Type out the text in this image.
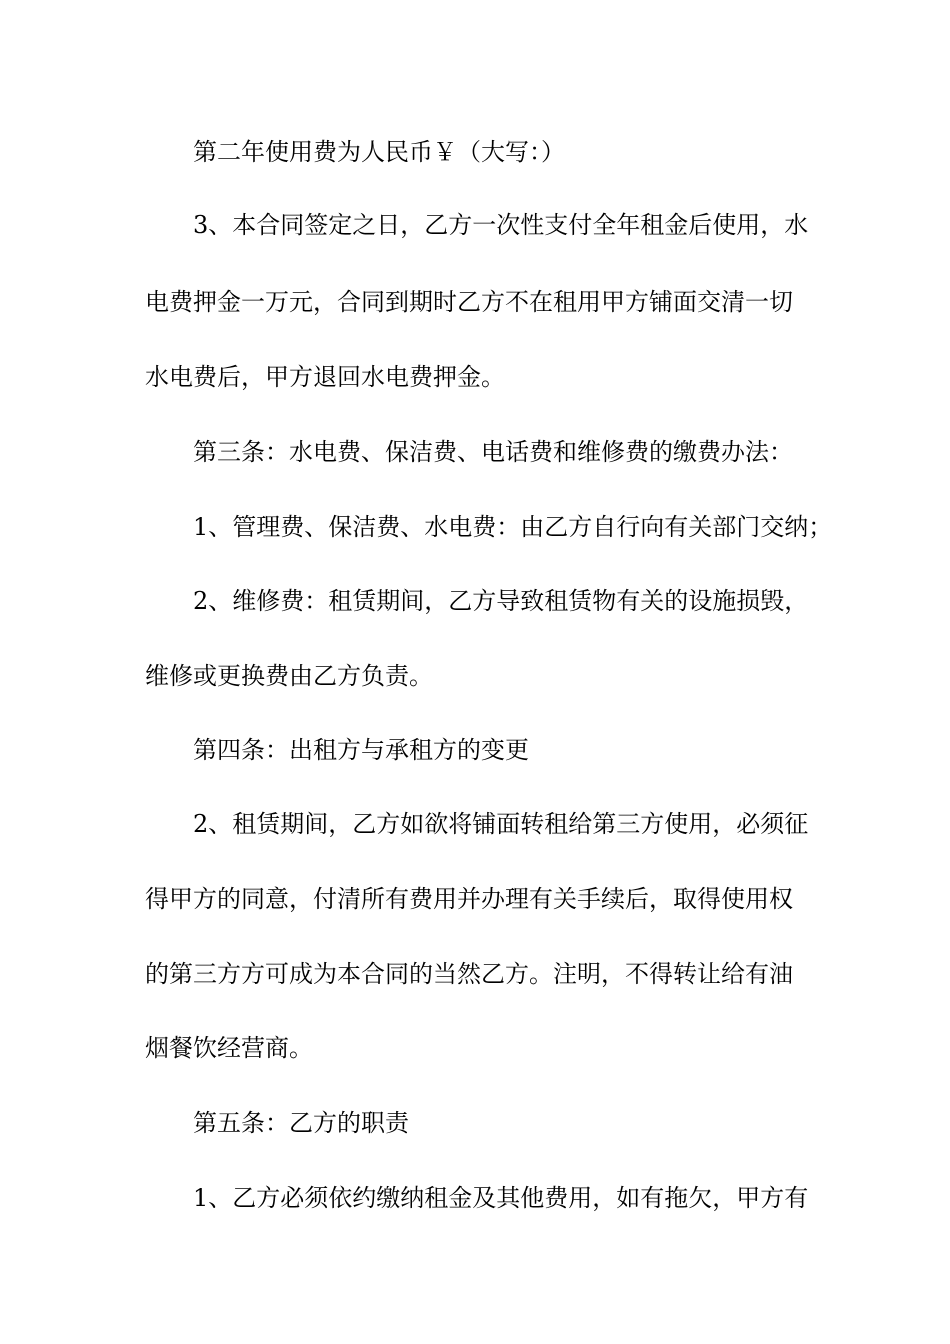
第二年使用费为人民币￥（大写：）
3、本合同签定之日，乙方一次性支付全年租金后使用，水
电费押金一万元，合同到期时乙方不在租用甲方铺面交清一切
水电费后，甲方退回水电费押金。
第三条：水电费、保洁费、电话费和维修费的缴费办法：
1、管理费、保洁费、水电费：由乙方自行向有关部门交纳；
2、维修费：租赁期间，乙方导致租赁物有关的设施损毁，
维修或更换费由乙方负责。
第四条：出租方与承租方的变更
2、租赁期间，乙方如欲将铺面转租给第三方使用，必须征
得甲方的同意，付清所有费用并办理有关手续后，取得使用权
的第三方方可成为本合同的当然乙方。注明，不得转让给有油
烟餐饮经营商。
第五条：乙方的职责
1、乙方必须依约缴纳租金及其他费用，如有拖欠，甲方有
